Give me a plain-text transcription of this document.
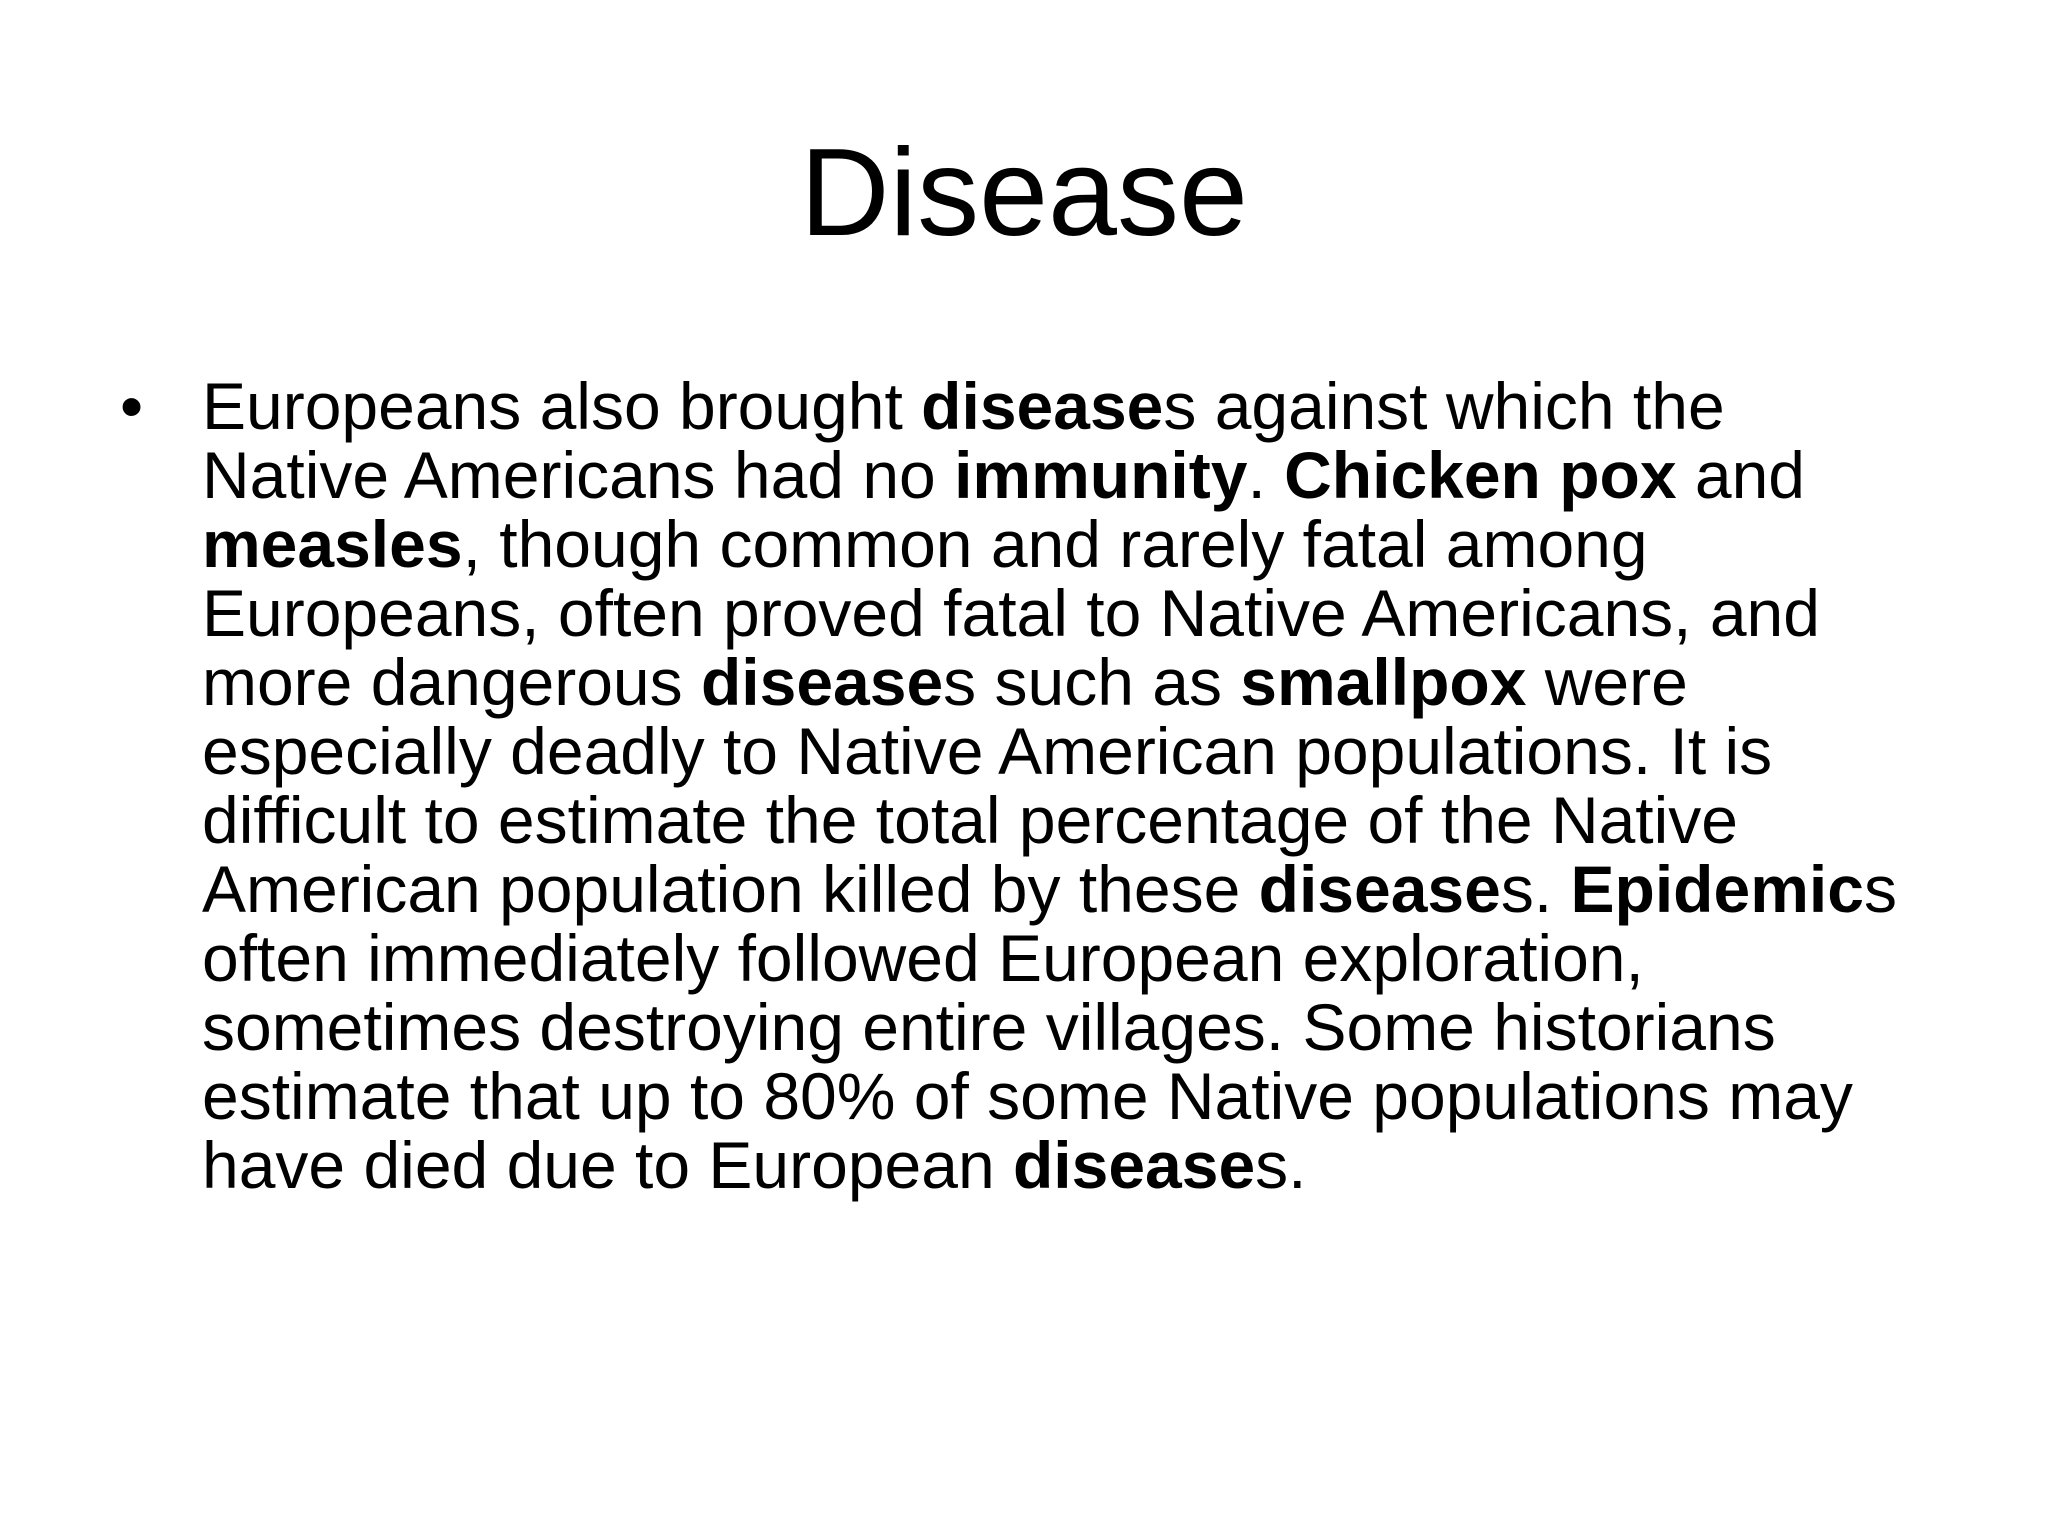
Disease
• Europeans also brought diseases against which the
Native Americans had no immunity. Chicken pox and
measles, though common and rarely fatal among
Europeans, often proved fatal to Native Americans, and
more dangerous diseases such as smallpox were
especially deadly to Native American populations. It is
difficult to estimate the total percentage of the Native
American population killed by these diseases. Epidemics
often immediately followed European exploration,
sometimes destroying entire villages. Some historians
estimate that up to 80% of some Native populations may
have died due to European diseases.
